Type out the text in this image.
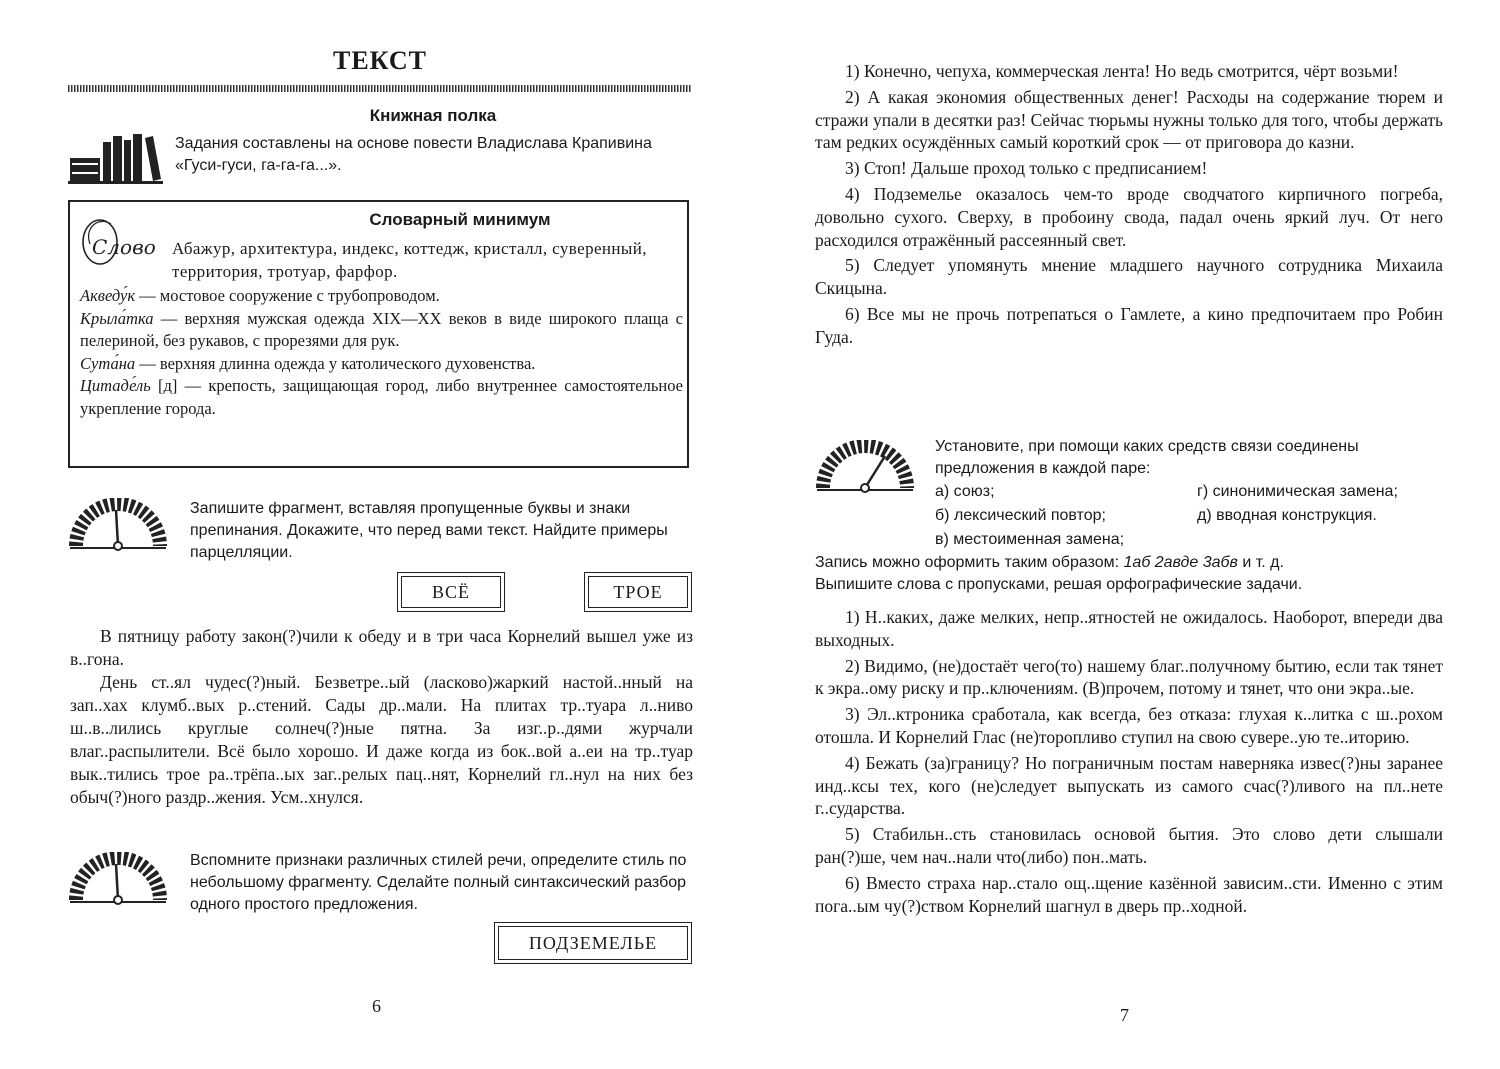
ТЕКСТ
Книжная полка
Задания составлены на основе повести Владислава Крапивина «Гуси-гуси, га-га-га...».
Словарный минимум
Слово Абажур, архитектура, индекс, коттедж, кристалл, суверенный, территория, тротуар, фарфор.

Акведу́к — мостовое сооружение с трубопроводом.

Крыла́тка — верхняя мужская одежда XIX—XX веков в виде широкого плаща с пелериной, без рукавов, с прорезями для рук.

Сута́на — верхняя длинна одежда у католического духовенства.

Цитаде́ль [д] — крепость, защищающая город, либо внутреннее самостоятельное укрепление города.

Запишите фрагмент, вставляя пропущенные буквы и знаки препинания. Докажите, что перед вами текст. Найдите примеры парцелляции.
ВСЁ	ТРОЕ

В пятницу работу закон(?)чили к обеду и в три часа Корнелий вышел уже из в..гона.

День ст..ял чудес(?)ный. Безветре..ый (ласково)жаркий настой..нный на зап..хах клумб..вых р..стений. Сады др..мали. На плитах тр..туара л..ниво ш..в..лились круглые солнеч(?)ные пятна. За изг..р..дями журчали влаг..распылители. Всё было хорошо. И даже когда из бок..вой а..еи на тр..туар вык..тились трое ра..трёпа..ых заг..релых пац..нят, Корнелий гл..нул на них без обыч(?)ного раздр..жения. Усм..хнулся.

Вспомните признаки различных стилей речи, определите стиль по небольшому фрагменту. Сделайте полный синтаксический разбор одного простого предложения.
ПОДЗЕМЕЛЬЕ
6

1) Конечно, чепуха, коммерческая лента! Но ведь смотрится, чёрт возьми!

2) А какая экономия общественных денег! Расходы на содержание тюрем и стражи упали в десятки раз! Сейчас тюрьмы нужны только для того, чтобы держать там редких осуждённых самый короткий срок — от приговора до казни.

3) Стоп! Дальше проход только с предписанием!

4) Подземелье оказалось чем-то вроде сводчатого кирпичного погреба, довольно сухого. Сверху, в пробоину свода, падал очень яркий луч. От него расходился отражённый рассеянный свет.

5) Следует упомянуть мнение младшего научного сотрудника Михаила Скицына.

6) Все мы не прочь потрепаться о Гамлете, а кино предпочитаем про Робин Гуда.

Установите, при помощи каких средств связи соединены предложения в каждой паре:
а) союз;	г) синонимическая замена;
б) лексический повтор;	д) вводная конструкция.
в) местоименная замена;
Запись можно оформить таким образом: 1аб 2авде 3абв и т. д.
Выпишите слова с пропусками, решая орфографические задачи.

1) Н..каких, даже мелких, непр..ятностей не ожидалось. Наоборот, впереди два выходных.

2) Видимо, (не)достаёт чего(то) нашему благ..получному бытию, если так тянет к экра..ому риску и пр..ключениям. (В)прочем, потому и тянет, что они экра..ые.

3) Эл..ктроника сработала, как всегда, без отказа: глухая к..литка с ш..рохом отошла. И Корнелий Глас (не)торопливо ступил на свою сувере..ую те..иторию.

4) Бежать (за)границу? Но пограничным постам наверняка извес(?)ны заранее инд..ксы тех, кого (не)следует выпускать из самого счас(?)ливого на пл..нете г..сударства.

5) Стабильн..сть становилась основой бытия. Это слово дети слышали ран(?)ше, чем нач..нали что(либо) пон..мать.

6) Вместо страха нар..стало ощ..щение казённой зависим..сти. Именно с этим пога..ым чу(?)ством Корнелий шагнул в дверь пр..ходной.

7
